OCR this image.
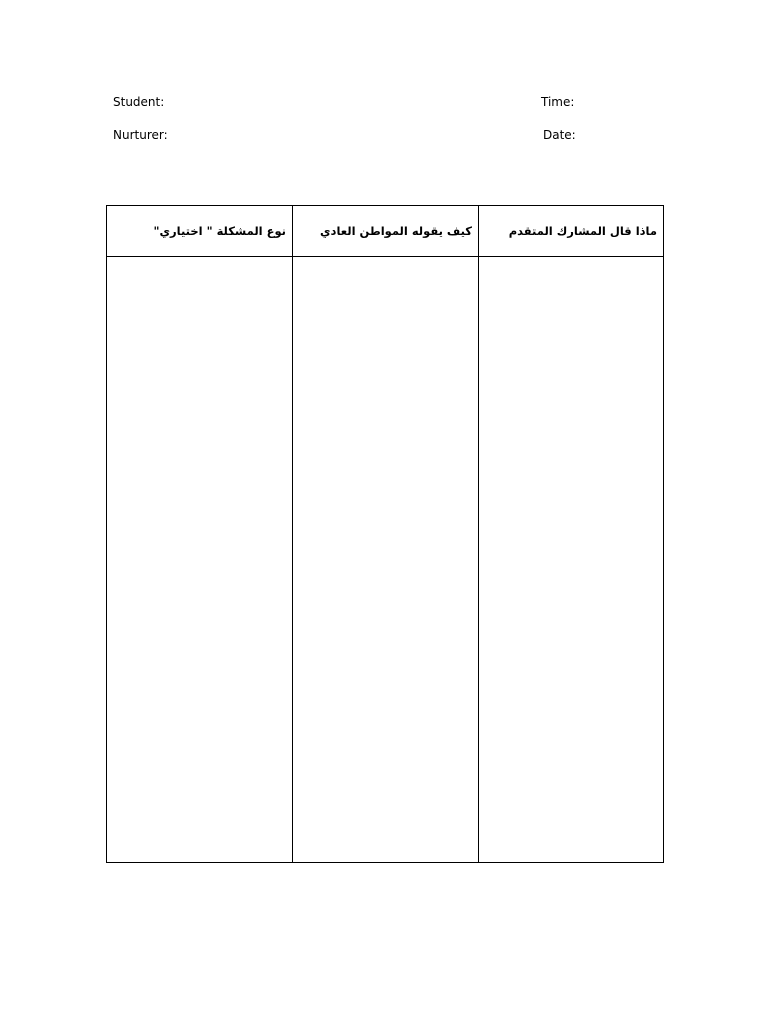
Student:	Time:
Nurturer:	Date:
نوع المشكلة " اختياري"	كيف يقوله المواطن العادي	ماذا قال المشارك المتقدم
